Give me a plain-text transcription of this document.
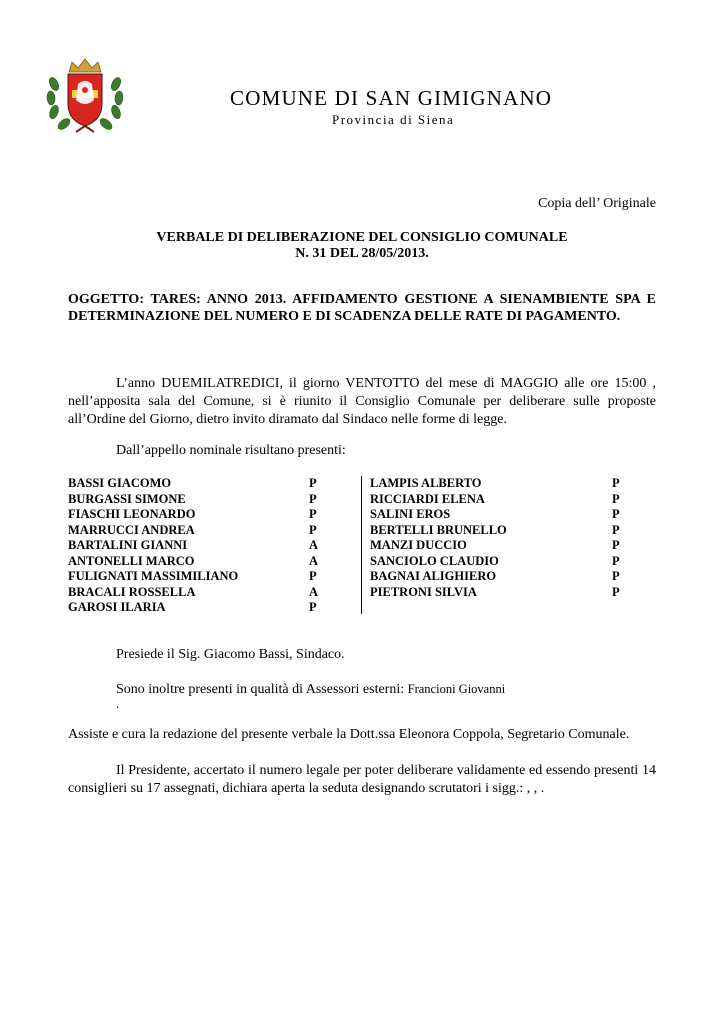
COMUNE DI SAN GIMIGNANO
Provincia di Siena
Copia dell’ Originale
VERBALE DI DELIBERAZIONE DEL CONSIGLIO COMUNALE
N. 31 DEL 28/05/2013.
OGGETTO: TARES: ANNO 2013. AFFIDAMENTO GESTIONE A SIENAMBIENTE SPA E DETERMINAZIONE DEL NUMERO E DI SCADENZA DELLE RATE DI PAGAMENTO.
L’anno DUEMILATREDICI, il giorno VENTOTTO del mese di MAGGIO alle ore 15:00 , nell’apposita sala del Comune, si è riunito il Consiglio Comunale per deliberare sulle proposte all’Ordine del Giorno, dietro invito diramato dal Sindaco nelle forme di legge.
Dall’appello nominale risultano presenti:
BASSI GIACOMO	P
BURGASSI SIMONE	P
FIASCHI LEONARDO	P
MARRUCCI ANDREA	P
BARTALINI GIANNI	A
ANTONELLI MARCO	A
FULIGNATI MASSIMILIANO	P
BRACALI ROSSELLA	A
GAROSI ILARIA	P
LAMPIS ALBERTO	P
RICCIARDI ELENA	P
SALINI EROS	P
BERTELLI BRUNELLO	P
MANZI DUCCIO	P
SANCIOLO CLAUDIO	P
BAGNAI ALIGHIERO	P
PIETRONI SILVIA	P
Presiede il Sig. Giacomo Bassi, Sindaco.
Sono inoltre presenti in qualità di Assessori esterni: Francioni Giovanni
.
Assiste e cura la redazione del presente verbale la Dott.ssa Eleonora Coppola, Segretario Comunale.
Il Presidente, accertato il numero legale per poter deliberare validamente ed essendo presenti 14 consiglieri su 17 assegnati, dichiara aperta la seduta designando scrutatori i sigg.: , , .
